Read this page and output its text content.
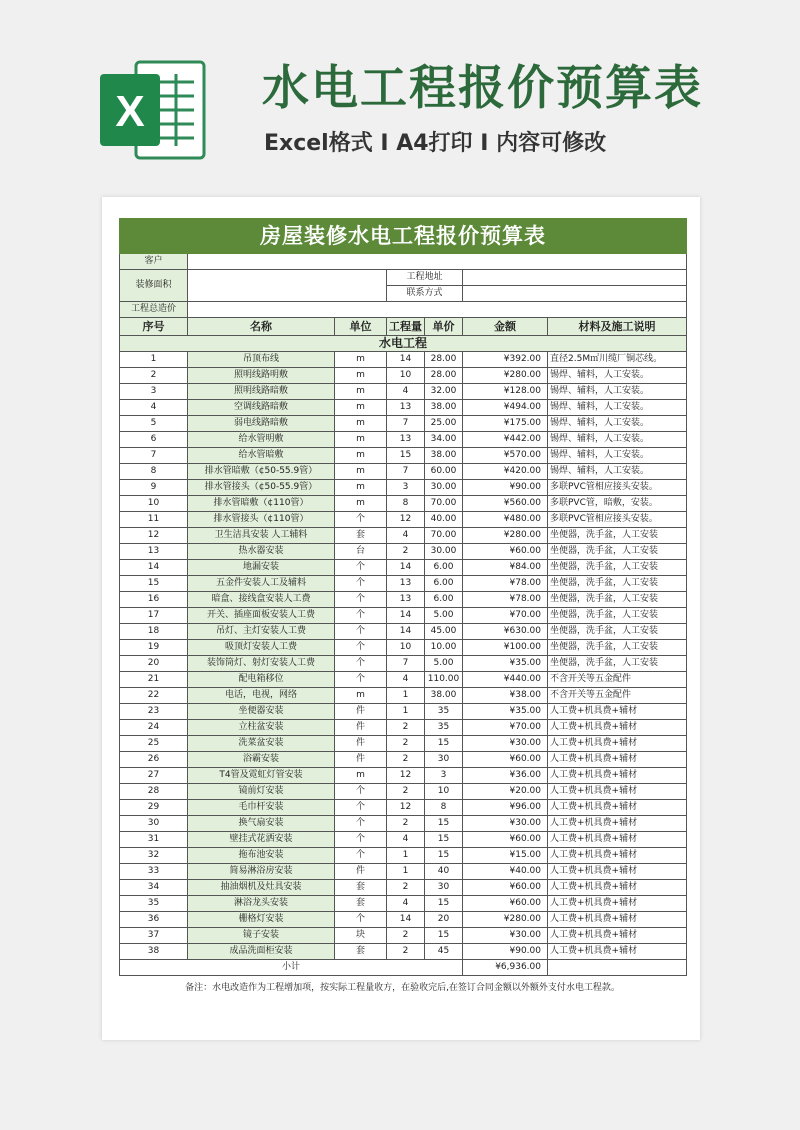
X 水电工程报价预算表
Excel格式 Ⅰ A4打印 Ⅰ 内容可修改
房屋装修水电工程报价预算表						
客户						
装修面积			工程地址			
			联系方式			
工程总造价						
序号	名称	单位	工程量	单价	金额	材料及施工说明
水电工程						
1	吊顶布线	m	14	28.00	¥392.00	直径2.5M㎡川缆厂铜芯线。
2	照明线路明敷	m	10	28.00	¥280.00	锡焊、辅料，人工安装。
3	照明线路暗敷	m	4	32.00	¥128.00	锡焊、辅料，人工安装。
4	空调线路暗敷	m	13	38.00	¥494.00	锡焊、辅料，人工安装。
5	弱电线路暗敷	m	7	25.00	¥175.00	锡焊、辅料，人工安装。
6	给水管明敷	m	13	34.00	¥442.00	锡焊、辅料，人工安装。
7	给水管暗敷	m	15	38.00	¥570.00	锡焊、辅料，人工安装。
8	排水管暗敷（¢50-55.9管）	m	7	60.00	¥420.00	锡焊、辅料，人工安装。
9	排水管接头（¢50-55.9管）	m	3	30.00	¥90.00	多联PVC管相应接头安装。
10	排水管暗敷（¢110管）	m	8	70.00	¥560.00	多联PVC管，暗敷，安装。
11	排水管接头（¢110管）	个	12	40.00	¥480.00	多联PVC管相应接头安装。
12	卫生洁具安装 人工辅料	套	4	70.00	¥280.00	坐便器，洗手盆，人工安装
13	热水器安装	台	2	30.00	¥60.00	坐便器，洗手盆，人工安装
14	地漏安装	个	14	6.00	¥84.00	坐便器，洗手盆，人工安装
15	五金件安装人工及辅料	个	13	6.00	¥78.00	坐便器，洗手盆，人工安装
16	暗盒、接线盒安装人工费	个	13	6.00	¥78.00	坐便器，洗手盆，人工安装
17	开关、插座面板安装人工费	个	14	5.00	¥70.00	坐便器，洗手盆，人工安装
18	吊灯、主灯安装人工费	个	14	45.00	¥630.00	坐便器，洗手盆，人工安装
19	吸顶灯安装人工费	个	10	10.00	¥100.00	坐便器，洗手盆，人工安装
20	装饰筒灯、射灯安装人工费	个	7	5.00	¥35.00	坐便器，洗手盆，人工安装
21	配电箱移位	个	4	110.00	¥440.00	不含开关等五金配件
22	电话，电视，网络	m	1	38.00	¥38.00	不含开关等五金配件
23	坐便器安装	件	1	35	¥35.00	人工费+机具费+辅材
24	立柱盆安装	件	2	35	¥70.00	人工费+机具费+辅材
25	洗菜盆安装	件	2	15	¥30.00	人工费+机具费+辅材
26	浴霸安装	件	2	30	¥60.00	人工费+机具费+辅材
27	T4管及霓虹灯管安装	m	12	3	¥36.00	人工费+机具费+辅材
28	镜前灯安装	个	2	10	¥20.00	人工费+机具费+辅材
29	毛巾杆安装	个	12	8	¥96.00	人工费+机具费+辅材
30	换气扇安装	个	2	15	¥30.00	人工费+机具费+辅材
31	壁挂式花洒安装	个	4	15	¥60.00	人工费+机具费+辅材
32	拖布池安装	个	1	15	¥15.00	人工费+机具费+辅材
33	简易淋浴房安装	件	1	40	¥40.00	人工费+机具费+辅材
34	抽油烟机及灶具安装	套	2	30	¥60.00	人工费+机具费+辅材
35	淋浴龙头安装	套	4	15	¥60.00	人工费+机具费+辅材
36	栅格灯安装	个	14	20	¥280.00	人工费+机具费+辅材
37	镜子安装	块	2	15	¥30.00	人工费+机具费+辅材
38	成品洗面柜安装	套	2	45	¥90.00	人工费+机具费+辅材
小计					¥6,936.00	
备注：水电改造作为工程增加项，按实际工程量收方，在验收完后,在签订合同金额以外额外支付水电工程款。
